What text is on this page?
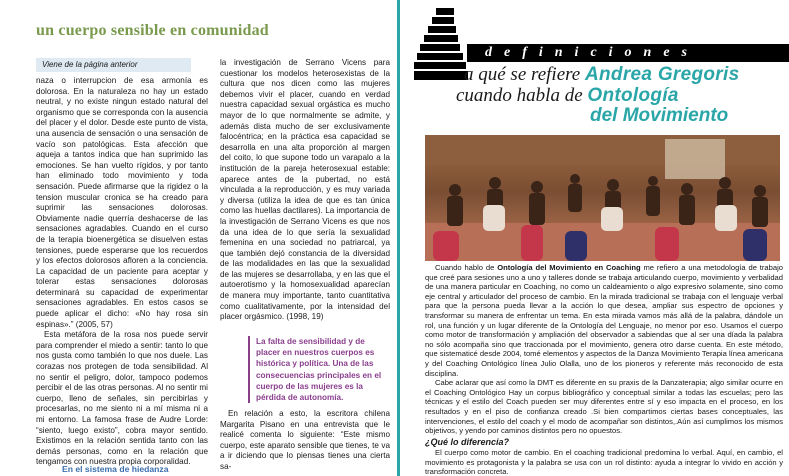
un cuerpo sensible en comunidad
Viene de la página anterior

naza o interrupcion de esa armonía es dolorosa. En la naturaleza no hay un estado neutral, y no existe ningun estado natural del organismo que se corresponda con la ausencia del placer y el dolor. Desde este punto de vista, una ausencia de sensación o una sensación de vacío son patológicas. Esta afección que aqueja a tantos indica que han suprimido las emociones. Se han vuelto rígidos, y por tanto han eliminado todo movimiento y toda sensación. Puede afirmarse que la rigidez o la tension muscular cronica se ha creado para suprimir las sensaciones dolorosas. Obviamente nadie querría deshacerse de las sensaciones agradables. Cuando en el curso de la terapia bioenergética se disuelven estas tensiones, puede esperarse que los recuerdos y los efectos dolorosos afloren a la conciencia. La capacidad de un paciente para aceptar y tolerar estas sensaciones dolorosas determinará su capacidad de experimentar sensaciones agradables. En estos casos se puede aplicar el dicho: «No hay rosa sin espinas».” (2005, 57)

Esta metáfora de la rosa nos puede servir para comprender el miedo a sentir: tanto lo que nos gusta como también lo que nos duele. Las corazas nos protegen de toda sensibilidad. Al no sentir el peligro, dolor, tampoco podemos percibir el de las otras personas. Al no sentir mi cuerpo, lleno de señales, sin percibirlas y procesarlas, no me siento ni a mí misma ni a mi entorno. La famosa frase de Audre Lorde: “siento, luego existo”, cobra mayor sentido. Existimos en la relación sentida tanto con las demás personas, como en la relación que tengamos con nuestra propia corporalidad.

la investigación de Serrano Vicens para cuestionar los modelos heterosexistas de la cultura que nos dicen como las mujeres debemos vivir el placer, cuando en verdad nuestra capacidad sexual orgástica es mucho mayor de lo que normalmente se admite, y además dista mucho de ser exclusivamente falocéntrica; en la práctica esa capacidad se desarrolla en una alta proporción al margen del coito, lo que supone todo un varapalo a la institución de la pareja heterosexual estable: aparece antes de la pubertad, no está vinculada a la reproducción, y es muy variada y diversa (utiliza la idea de que es tan única como las huellas dactilares). La importancia de la investigación de Serrano Vicens es que nos da una idea de lo que sería la sexualidad femenina en una sociedad no patriarcal, ya que también dejó constancia de la diversidad de las modalidades en las que la sexualidad de las mujeres se desarrollaba, y en las que el autoerotismo y la homosexualidad aparecían de manera muy importante, tanto cuantitativa como cualitativamente, por la intensidad del placer orgásmico. (1998, 19)

La falta de sensibilidad y de placer en nuestros cuerpos es histórica y política. Una de las consecuencias principales en el cuerpo de las mujeres es la pérdida de autonomía.

En relación a esto, la escritora chilena Margarita Pisano en una entrevista que le realicé comenta lo siguiente: “Este mismo cuerpo, este aparato sensible que tienes, te va a ir diciendo que lo piensas tienes una cierta sa-

En el sistema de hiedanza
definiciones
a qué se refiere Andrea Gregoris
cuando habla de Ontología
del Movimiento

Cuando hablo de Ontología del Movimiento en Coaching me refiero a una metodología de trabajo que creé para sesiones uno a uno y talleres donde se trabaja articulando cuerpo, movimiento y verbalidad de una manera particular en Coaching, no como un caldeamiento o algo expresivo solamente, sino como eje central y articulador del proceso de cambio. En la mirada tradicional se trabaja con el lenguaje verbal para que la persona pueda llevar a la acción lo que desea, ampliar sus espectro de opciones y transformar su manera de enfrentar un tema. En esta mirada vamos más allá de la palabra, dándole un rol, una función y un lugar diferente de la Ontología del Lenguaje, no menor por eso. Usamos el cuerpo como motor de transformación y ampliación del observador a sabiendas que al ser una díada la palabra no sólo acompaña sino que traccionada por el movimiento, genera otro darse cuenta. En este método, que sistematicé desde 2004, tomé elementos y aspectos de la Danza Movimiento Terapia línea americana y del Coaching Ontológico línea Julio Olalla, uno de los pioneros y referente más reconocido de esta disciplina.

Cabe aclarar que así como la DMT es diferente en su praxis de la Danzaterapia; algo similar ocurre en el Coaching Ontológico Hay un corpus bibliográfico y conceptual similar a todas las escuelas; pero las técnicas y el estilo del Coach pueden ser muy diferentes entre sí y eso impacta en el proceso, en los resultados y en el piso de confianza creado .Si bien compartimos ciertas bases conceptuales, las intervenciones, el estilo del coach y el modo de acompañar son distintos,.Aún así cumplimos los mismos objetivos, y yendo por caminos distintos pero no opuestos.

¿Qué lo diferencia?

El cuerpo como motor de cambio. En el coaching tradicional predomina lo verbal. Aquí, en cambio, el movimiento es protagonista y la palabra se usa con un rol distinto: ayuda a integrar lo vivido en acción y transformación concreta.
